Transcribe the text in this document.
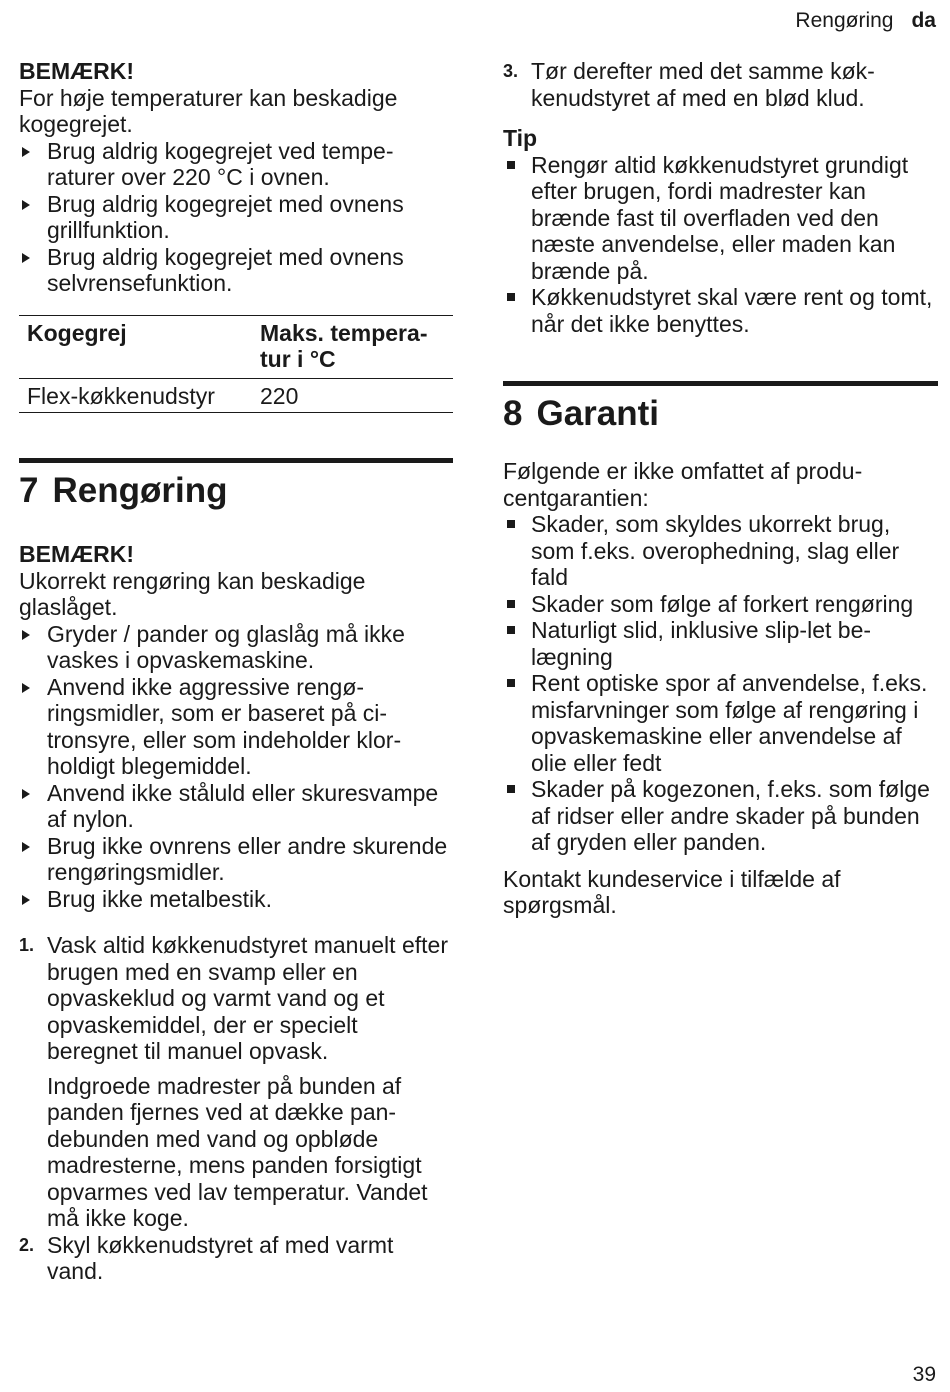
Rengøring da

BEMÆRK!

For høje temperaturer kan beskadige kogegrejet.

Brug aldrig kogegrejet ved temperaturer over 220 °C i ovnen.
Brug aldrig kogegrejet med ovnens grillfunktion.
Brug aldrig kogegrejet med ovnens selvrensefunktion.
Kogegrej	Maks. temperatur i °C
Flex-køkkenudstyr	220
7 Rengøring

BEMÆRK!

Ukorrekt rengøring kan beskadige glaslåget.

Gryder / pander og glaslåg må ikke vaskes i opvaskemaskine.
Anvend ikke aggressive rengøringsmidler, som er baseret på citronsyre, eller som indeholder klorholdigt blegemiddel.
Anvend ikke ståluld eller skuresvampe af nylon.
Brug ikke ovnrens eller andre skurende rengøringsmidler.
Brug ikke metalbestik.
1. Vask altid køkkenudstyret manuelt efter brugen med en svamp eller en opvaskeklud og varmt vand og et opvaskemiddel, der er specielt beregnet til manuel opvask.

Indgroede madrester på bunden af panden fjernes ved at dække pandebunden med vand og opbløde madresterne, mens panden forsigtigt opvarmes ved lav temperatur. Vandet må ikke koge.

2. Skyl køkkenudstyret af med varmt vand.

3. Tør derefter med det samme køkkenudstyret af med en blød klud.

Tip

Rengør altid køkkenudstyret grundigt efter brugen, fordi madrester kan brænde fast til overfladen ved den næste anvendelse, eller maden kan brænde på.
Køkkenudstyret skal være rent og tomt, når det ikke benyttes.
8 Garanti

Følgende er ikke omfattet af producentgarantien:

Skader, som skyldes ukorrekt brug, som f.eks. overophedning, slag eller fald
Skader som følge af forkert rengøring
Naturligt slid, inklusive slip-let belægning
Rent optiske spor af anvendelse, f.eks. misfarvninger som følge af rengøring i opvaskemaskine eller anvendelse af olie eller fedt
Skader på kogezonen, f.eks. som følge af ridser eller andre skader på bunden af gryden eller panden.

Kontakt kundeservice i tilfælde af spørgsmål.

39
